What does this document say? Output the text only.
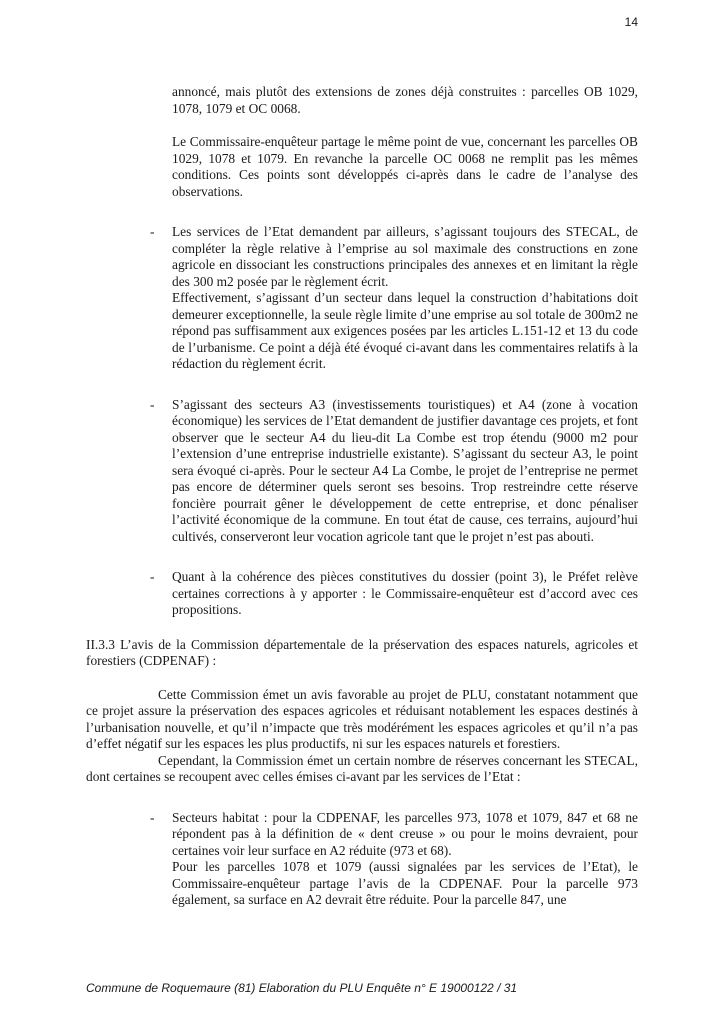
14

annoncé, mais plutôt des extensions de zones déjà construites : parcelles OB 1029, 1078, 1079 et OC 0068.

Le Commissaire-enquêteur partage le même point de vue, concernant les parcelles OB 1029, 1078 et 1079. En revanche la parcelle OC 0068 ne remplit pas les mêmes conditions. Ces points sont développés ci-après dans le cadre de l’analyse des observations.

- Les services de l’Etat demandent par ailleurs, s’agissant toujours des STECAL, de compléter la règle relative à l’emprise au sol maximale des constructions en zone agricole en dissociant les constructions principales des annexes et en limitant la règle des 300 m2 posée par le règlement écrit.

Effectivement, s’agissant d’un secteur dans lequel la construction d’habitations doit demeurer exceptionnelle, la seule règle limite d’une emprise au sol totale de 300m2 ne répond pas suffisamment aux exigences posées par les articles L.151-12 et 13 du code de l’urbanisme. Ce point a déjà été évoqué ci-avant dans les commentaires relatifs à la rédaction du règlement écrit.

- S’agissant des secteurs A3 (investissements touristiques) et A4 (zone à vocation économique) les services de l’Etat demandent de justifier davantage ces projets, et font observer que le secteur A4 du lieu-dit La Combe est trop étendu (9000 m2 pour l’extension d’une entreprise industrielle existante). S’agissant du secteur A3, le point sera évoqué ci-après. Pour le secteur A4 La Combe, le projet de l’entreprise ne permet pas encore de déterminer quels seront ses besoins. Trop restreindre cette réserve foncière pourrait gêner le développement de cette entreprise, et donc pénaliser l’activité économique de la commune. En tout état de cause, ces terrains, aujourd’hui cultivés, conserveront leur vocation agricole tant que le projet n’est pas abouti.

- Quant à la cohérence des pièces constitutives du dossier (point 3), le Préfet relève certaines corrections à y apporter : le Commissaire-enquêteur est d’accord avec ces propositions.

II.3.3 L’avis de la Commission départementale de la préservation des espaces naturels, agricoles et forestiers (CDPENAF) :

Cette Commission émet un avis favorable au projet de PLU, constatant notamment que ce projet assure la préservation des espaces agricoles et réduisant notablement les espaces destinés à l’urbanisation nouvelle, et qu’il n’impacte que très modérément les espaces agricoles et qu’il n’a pas d’effet négatif sur les espaces les plus productifs, ni sur les espaces naturels et forestiers.

Cependant, la Commission émet un certain nombre de réserves concernant les STECAL, dont certaines se recoupent avec celles émises ci-avant par les services de l’Etat :

- Secteurs habitat : pour la CDPENAF, les parcelles 973, 1078 et 1079, 847 et 68 ne répondent pas à la définition de « dent creuse » ou pour le moins devraient, pour certaines voir leur surface en A2 réduite (973 et 68).

Pour les parcelles 1078 et 1079 (aussi signalées par les services de l’Etat), le Commissaire-enquêteur partage l’avis de la CDPENAF. Pour la parcelle 973 également, sa surface en A2 devrait être réduite. Pour la parcelle 847, une

Commune de Roquemaure (81) Elaboration du PLU Enquête n° E 19000122 / 31
